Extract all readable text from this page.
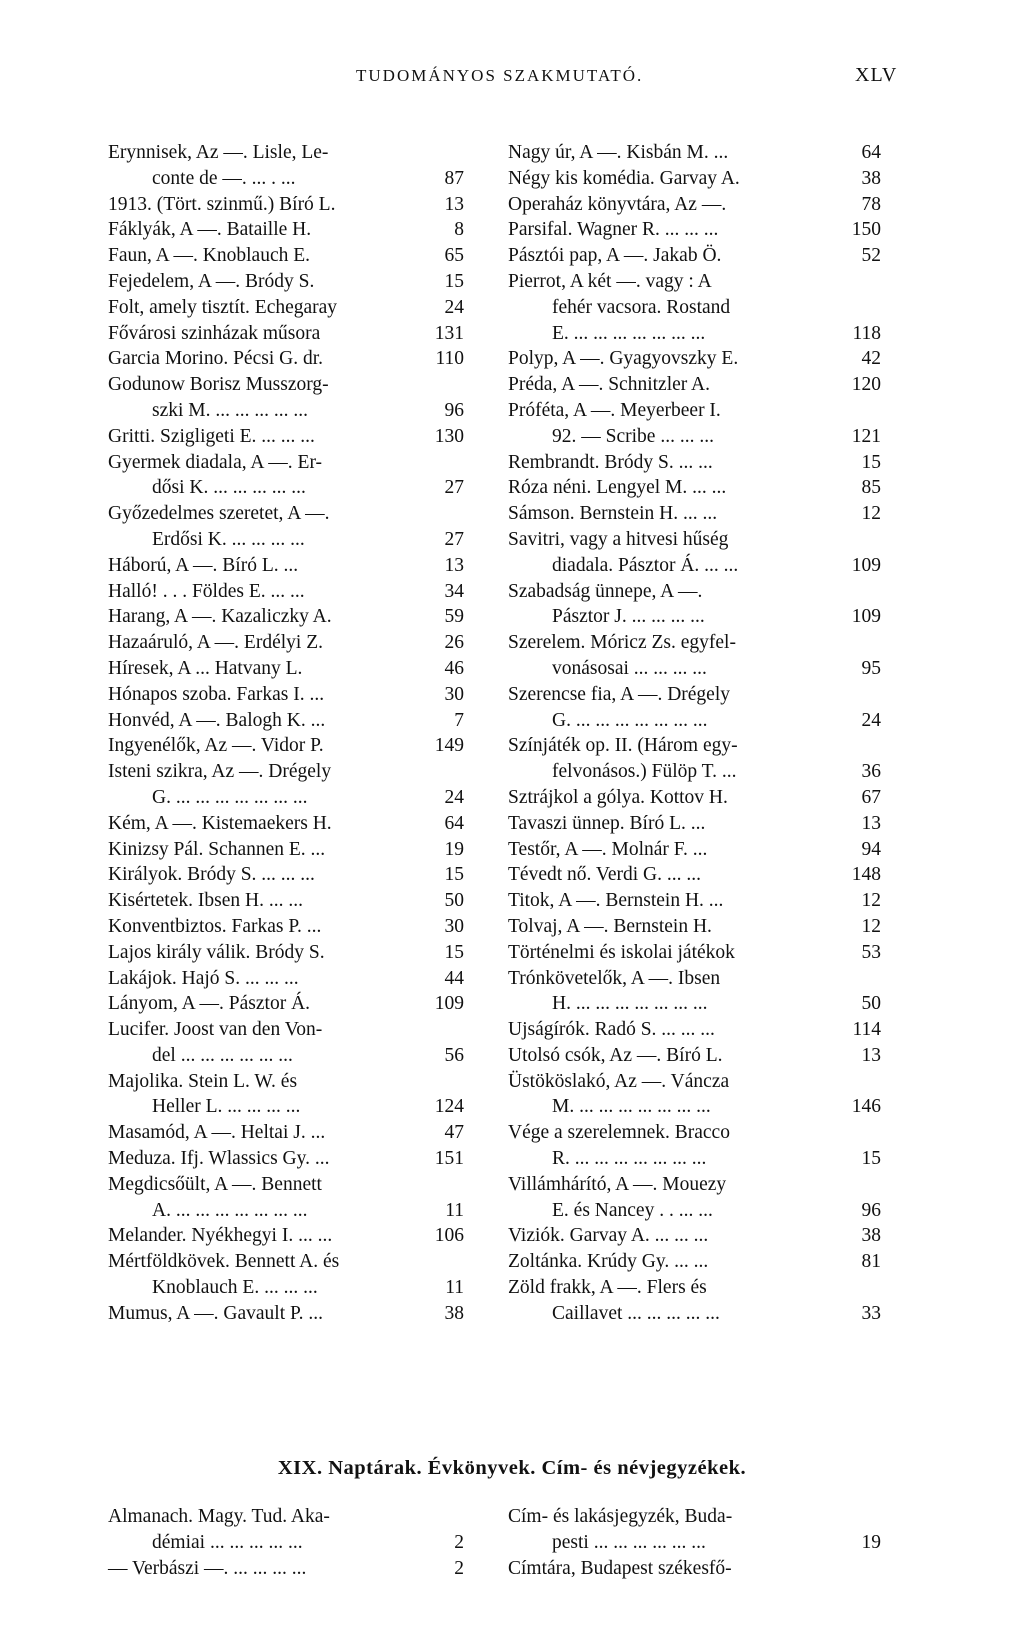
TUDOMÁNYOS SZAKMUTATÓ.	XLV
Erynnisek, Az —. Lisle, Le-
conte de —. ... . ...	87
1913. (Tört. szinmű.) Bíró L.	13
Fáklyák, A —. Bataille H.	8
Faun, A —. Knoblauch E.	65
Fejedelem, A —. Bródy S.	15
Folt, amely tisztít. Echegaray	24
Fővárosi szinházak műsora	131
Garcia Morino. Pécsi G. dr.	110
Godunow Borisz Musszorg-
szki M. ... ... ... ... ...	96
Gritti. Szigligeti E. ... ... ...	130
Gyermek diadala, A —. Er-
dősi K. ... ... ... ... ...	27
Győzedelmes szeretet, A —.
Erdősi K. ... ... ... ...	27
Háború, A —. Bíró L. ...	13
Halló! . . . Földes E. ... ...	34
Harang, A —. Kazaliczky A.	59
Hazaáruló, A —. Erdélyi Z.	26
Híresek, A ... Hatvany L.	46
Hónapos szoba. Farkas I. ...	30
Honvéd, A —. Balogh K. ...	7
Ingyenélők, Az —. Vidor P.	149
Isteni szikra, Az —. Drégely
G. ... ... ... ... ... ... ...	24
Kém, A —. Kistemaekers H.	64
Kinizsy Pál. Schannen E. ...	19
Királyok. Bródy S. ... ... ...	15
Kisértetek. Ibsen H. ... ...	50
Konventbiztos. Farkas P. ...	30
Lajos király válik. Bródy S.	15
Lakájok. Hajó S. ... ... ...	44
Lányom, A —. Pásztor Á.	109
Lucifer. Joost van den Von-
del ... ... ... ... ... ...	56
Majolika. Stein L. W. és
Heller L. ... ... ... ...	124
Masamód, A —. Heltai J. ...	47
Meduza. Ifj. Wlassics Gy. ...	151
Megdicsőült, A —. Bennett
A. ... ... ... ... ... ... ...	11
Melander. Nyékhegyi I. ... ...	106
Mértföldkövek. Bennett A. és
Knoblauch E. ... ... ...	11
Mumus, A —. Gavault P. ...	38
Nagy úr, A —. Kisbán M. ...	64
Négy kis komédia. Garvay A.	38
Operaház könyvtára, Az —.	78
Parsifal. Wagner R. ... ... ...	150
Pásztói pap, A —. Jakab Ö.	52
Pierrot, A két —. vagy : A
fehér vacsora. Rostand
E. ... ... ... ... ... ... ...	118
Polyp, A —. Gyagyovszky E.	42
Préda, A —. Schnitzler A.	120
Próféta, A —. Meyerbeer I.
92. — Scribe ... ... ...	121
Rembrandt. Bródy S. ... ...	15
Róza néni. Lengyel M. ... ...	85
Sámson. Bernstein H. ... ...	12
Savitri, vagy a hitvesi hűség
diadala. Pásztor Á. ... ...	109
Szabadság ünnepe, A —.
Pásztor J. ... ... ... ...	109
Szerelem. Móricz Zs. egyfel-
vonásosai ... ... ... ...	95
Szerencse fia, A —. Drégely
G. ... ... ... ... ... ... ...	24
Színjáték op. II. (Három egy-
felvonásos.) Fülöp T. ...	36
Sztrájkol a gólya. Kottov H.	67
Tavaszi ünnep. Bíró L. ...	13
Testőr, A —. Molnár F. ...	94
Tévedt nő. Verdi G. ... ...	148
Titok, A —. Bernstein H. ...	12
Tolvaj, A —. Bernstein H.	12
Történelmi és iskolai játékok	53
Trónkövetelők, A —. Ibsen
H. ... ... ... ... ... ... ...	50
Ujságírók. Radó S. ... ... ...	114
Utolsó csók, Az —. Bíró L.	13
Üstököslakó, Az —. Váncza
M. ... ... ... ... ... ... ...	146
Vége a szerelemnek. Bracco
R. ... ... ... ... ... ... ...	15
Villámhárító, A —. Mouezy
E. és Nancey . . ... ...	96
Viziók. Garvay A. ... ... ...	38
Zoltánka. Krúdy Gy. ... ...	81
Zöld frakk, A —. Flers és
Caillavet ... ... ... ... ...	33
XIX. Naptárak. Évkönyvek. Cím- és névjegyzékek.
Almanach. Magy. Tud. Aka-
démiai ... ... ... ... ...	2
— Verbászi —. ... ... ... ...	2
Cím- és lakásjegyzék, Buda-
pesti ... ... ... ... ... ...	19
Címtára, Budapest székesfő-
